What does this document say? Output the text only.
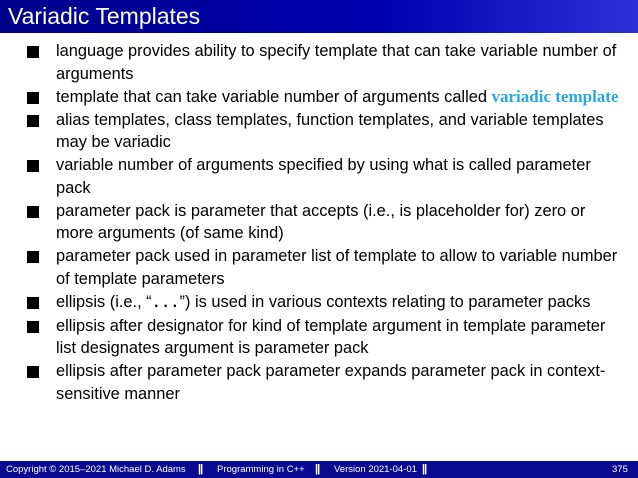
Variadic Templates
language provides ability to specify template that can take variable number of arguments
template that can take variable number of arguments called variadic template
alias templates, class templates, function templates, and variable templates may be variadic
variable number of arguments specified by using what is called parameter pack
parameter pack is parameter that accepts (i.e., is placeholder for) zero or more arguments (of same kind)
parameter pack used in parameter list of template to allow to variable number of template parameters
ellipsis (i.e., “...”) is used in various contexts relating to parameter packs
ellipsis after designator for kind of template argument in template parameter list designates argument is parameter pack
ellipsis after parameter pack parameter expands parameter pack in context-sensitive manner
Copyright © 2015–2021 Michael D. Adams || Programming in C++ || Version 2021-04-01 ||	375
